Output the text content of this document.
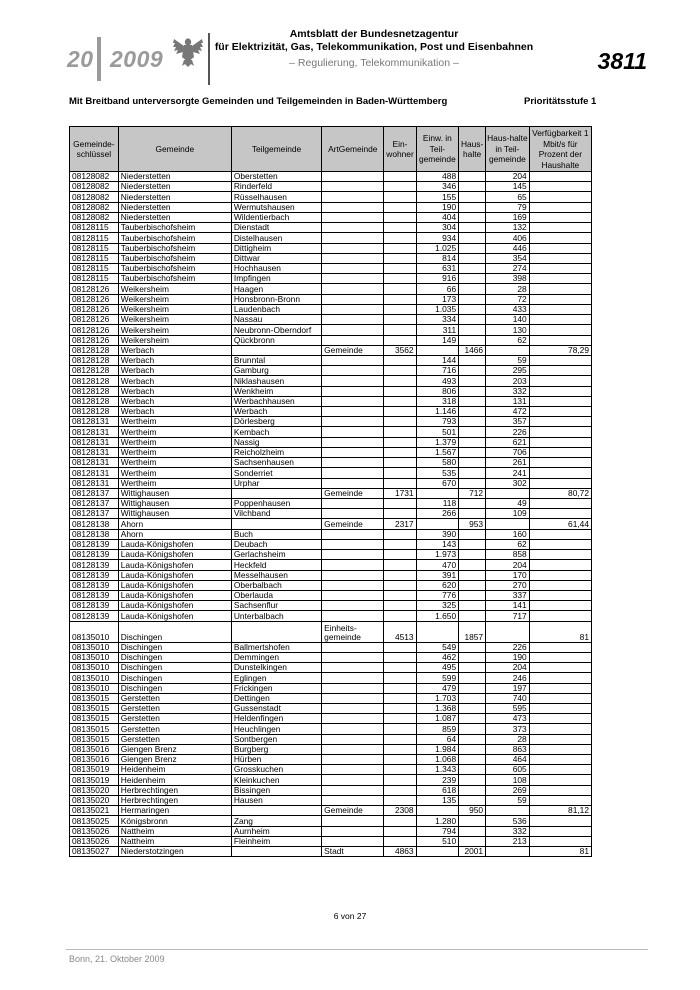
20 2009
Amtsblatt der Bundesnetzagentur
für Elektrizität, Gas, Telekommunikation, Post und Eisenbahnen
– Regulierung, Telekommunikation –	3811
Mit Breitband unterversorgte Gemeinden und Teilgemeinden in Baden-Württemberg	Prioritätsstufe 1
Gemeinde-schlüssel	Gemeinde	Teilgemeinde	ArtGemeinde	Ein-wohner	Einw. in Teil-gemeinde	Haus-halte	Haus-halte in Teil-gemeinde	Verfügbarkeit 1 Mbit/s für Prozent der Haushalte
08128082	Niederstetten	Oberstetten			488		204	
08128082	Niederstetten	Rinderfeld			346		145	
08128082	Niederstetten	Rüsselhausen			155		65	
08128082	Niederstetten	Wermutshausen			190		79	
08128082	Niederstetten	Wildentierbach			404		169	
08128115	Tauberbischofsheim	Dienstadt			304		132	
08128115	Tauberbischofsheim	Distelhausen			934		406	
08128115	Tauberbischofsheim	Dittigheim			1.025		446	
08128115	Tauberbischofsheim	Dittwar			814		354	
08128115	Tauberbischofsheim	Hochhausen			631		274	
08128115	Tauberbischofsheim	Impfingen			916		398	
08128126	Weikersheim	Haagen			66		28	
08128126	Weikersheim	Honsbronn-Bronn			173		72	
08128126	Weikersheim	Laudenbach			1.035		433	
08128126	Weikersheim	Nassau			334		140	
08128126	Weikersheim	Neubronn-Oberndorf			311		130	
08128126	Weikersheim	Qückbronn			149		62	
08128128	Werbach		Gemeinde	3562		1466		78,29
08128128	Werbach	Brunntal			144		59	
08128128	Werbach	Gamburg			716		295	
08128128	Werbach	Niklashausen			493		203	
08128128	Werbach	Wenkheim			806		332	
08128128	Werbach	Werbachhausen			318		131	
08128128	Werbach	Werbach			1.146		472	
08128131	Wertheim	Dörlesberg			793		357	
08128131	Wertheim	Kembach			501		226	
08128131	Wertheim	Nassig			1.379		621	
08128131	Wertheim	Reicholzheim			1.567		706	
08128131	Wertheim	Sachsenhausen			580		261	
08128131	Wertheim	Sonderriet			535		241	
08128131	Wertheim	Urphar			670		302	
08128137	Wittighausen		Gemeinde	1731		712		80,72
08128137	Wittighausen	Poppenhausen			118		49	
08128137	Wittighausen	Vilchband			266		109	
08128138	Ahorn		Gemeinde	2317		953		61,44
08128138	Ahorn	Buch			390		160	
08128139	Lauda-Königshofen	Deubach			143		62	
08128139	Lauda-Königshofen	Gerlachsheim			1.973		858	
08128139	Lauda-Königshofen	Heckfeld			470		204	
08128139	Lauda-Königshofen	Messelhausen			391		170	
08128139	Lauda-Königshofen	Oberbalbach			620		270	
08128139	Lauda-Königshofen	Oberlauda			776		337	
08128139	Lauda-Königshofen	Sachsenflur			325		141	
08128139	Lauda-Königshofen	Unterbalbach			1.650		717	
08135010	Dischingen		Einheits-gemeinde	4513		1857		81
08135010	Dischingen	Ballmertshofen			549		226	
08135010	Dischingen	Demmingen			462		190	
08135010	Dischingen	Dunstelkingen			495		204	
08135010	Dischingen	Eglingen			599		246	
08135010	Dischingen	Frickingen			479		197	
08135015	Gerstetten	Dettingen			1.703		740	
08135015	Gerstetten	Gussenstadt			1.368		595	
08135015	Gerstetten	Heldenfingen			1.087		473	
08135015	Gerstetten	Heuchlingen			859		373	
08135015	Gerstetten	Sontbergen			64		28	
08135016	Giengen Brenz	Burgberg			1.984		863	
08135016	Giengen Brenz	Hürben			1.068		464	
08135019	Heidenheim	Grosskuchen			1.343		605	
08135019	Heidenheim	Kleinkuchen			239		108	
08135020	Herbrechtingen	Bissingen			618		269	
08135020	Herbrechtingen	Hausen			135		59	
08135021	Hermaringen		Gemeinde	2308		950		81,12
08135025	Königsbronn	Zang			1.280		536	
08135026	Nattheim	Aurnheim			794		332	
08135026	Nattheim	Fleinheim			510		213	
08135027	Niederstotzingen		Stadt	4863		2001		81
6 von 27
Bonn, 21. Oktober 2009
